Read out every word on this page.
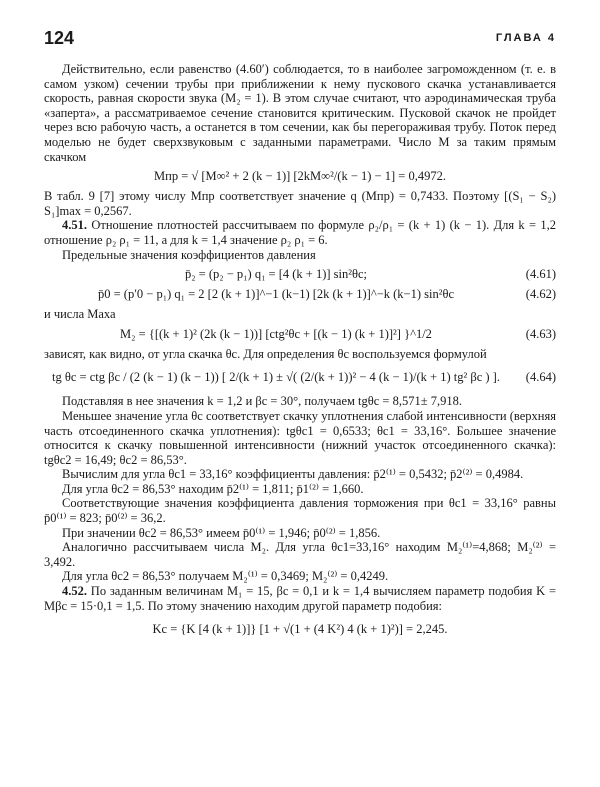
124	ГЛАВА 4

Действительно, если равенство (4.60′) соблюдается, то в наиболее загроможденном (т. е. в самом узком) сечении трубы при приближении к нему пускового скачка устанавливается скорость, равная скорости звука (M₂ = 1). В этом случае считают, что аэродинамическая труба «заперта», а рассматриваемое сечение становится критическим. Пусковой скачок не пройдет через всю рабочую часть, а останется в том сечении, как бы перегораживая трубу. Поток перед моделью не будет сверхзвуковым с заданными параметрами. Число M за таким прямым скачком

Mпр = √ [M∞² + 2 (k − 1)] [2kM∞²/(k − 1) − 1] = 0,4972.

В табл. 9 [7] этому числу Mпр соответствует значение q (Mпр) = 0,7433. Поэтому [(S₁ − S₂) S₁]max = 0,2567.

4.51. Отношение плотностей рассчитываем по формуле ρ₂/ρ₁ = (k + 1) (k − 1). Для k = 1,2 отношение ρ₂ ρ₁ = 11, а для k = 1,4 значение ρ₂ ρ₁ = 6.

Предельные значения коэффициентов давления

p̄₂ = (p₂ − p₁) q₁ = [4 (k + 1)] sin²θc;	(4.61)
p̄0 = (p′0 − p₁) q₁ = 2 [2 (k + 1)]^−1 (k−1) [2k (k + 1)]^−k (k−1) sin²θc	(4.62)

и числа Маха

M₂ = {[(k + 1)² (2k (k − 1))] [ctg²θc + [(k − 1) (k + 1)]²] }^1/2	(4.63)

зависят, как видно, от угла скачка θc. Для определения θc воспользуемся формулой

tg θc = ctg βc / (2 (k − 1) (k − 1)) [ 2/(k + 1) ± √( (2/(k + 1))² − 4 (k − 1)/(k + 1) tg² βc ) ].	(4.64)

Подставляя в нее значения k = 1,2 и βc = 30°, получаем tgθc = 8,571± 7,918.

Меньшее значение угла θc соответствует скачку уплотнения слабой интенсивности (верхняя часть отсоединенного скачка уплотнения): tgθc1 = 0,6533; θc1 = 33,16°. Большее значение относится к скачку повышенной интенсивности (нижний участок отсоединенного скачка): tgθc2 = 16,49; θc2 = 86,53°.

Вычислим для угла θc1 = 33,16° коэффициенты давления: p̄2⁽¹⁾ = 0,5432; p̄2⁽²⁾ = 0,4984.

Для угла θc2 = 86,53° находим p̄2⁽¹⁾ = 1,811; p̄1⁽²⁾ = 1,660.

Соответствующие значения коэффициента давления торможения при θc1 = 33,16° равны p̄0⁽¹⁾ = 823; p̄0⁽²⁾ = 36,2.

При значении θc2 = 86,53° имеем p̄0⁽¹⁾ = 1,946; p̄0⁽²⁾ = 1,856.

Аналогично рассчитываем числа M₂. Для угла θc1=33,16° находим M₂⁽¹⁾=4,868; M₂⁽²⁾ = 3,492.

Для угла θc2 = 86,53° получаем M₂⁽¹⁾ = 0,3469; M₂⁽²⁾ = 0,4249.

4.52. По заданным величинам M₁ = 15, βc = 0,1 и k = 1,4 вычисляем параметр подобия K = Mβc = 15·0,1 = 1,5. По этому значению находим другой параметр подобия:

Kc = {K [4 (k + 1)]} [1 + √(1 + (4 K²) 4 (k + 1)²)] = 2,245.
